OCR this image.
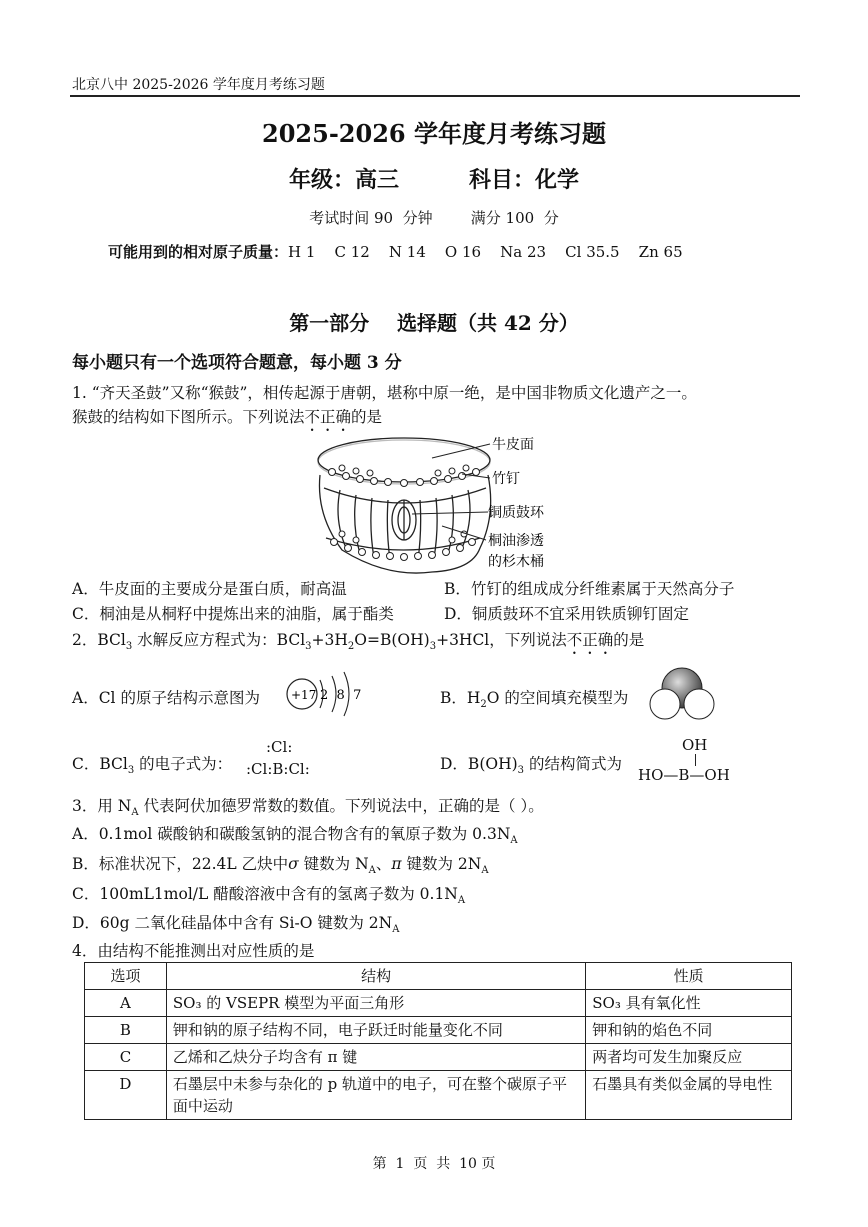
北京八中 2025-2026 学年度月考练习题
2025-2026 学年度月考练习题
年级：高三	科目：化学
考试时间 90  分钟        满分 100  分
可能用到的相对原子质量：H 1    C 12    N 14    O 16    Na 23    Cl 35.5    Zn 65
第一部分    选择题（共 42 分）
每小题只有一个选项符合题意，每小题 3 分
1. “齐天圣鼓”又称“猴鼓”，相传起源于唐朝，堪称中原一绝，是中国非物质文化遗产之一。
猴鼓的结构如下图所示。下列说法不正确的是
牛皮面
竹钉
铜质鼓环
桐油渗透
的杉木桶
A．牛皮面的主要成分是蛋白质，耐高温	B．竹钉的组成成分纤维素属于天然高分子
C．桐油是从桐籽中提炼出来的油脂，属于酯类	D．铜质鼓环不宜采用铁质铆钉固定
2．BCl$_3$ 水解反应方程式为：$BCl_3+3H_2O=B(OH)_3+3HCl$，下列说法不正确的是
A．Cl 的原子结构示意图为	+17 2  8  7	B．$H_2O$ 的空间填充模型为
C．BCl$_3$ 的电子式为：
:Cl:
:Cl:B:Cl:	D．$B(OH)_3$ 的结构简式为
OH
HO—B—OH
3．用 $N_A$ 代表阿伏加德罗常数的数值。下列说法中，正确的是（ ）。
A．0.1mol 碳酸钠和碳酸氢钠的混合物含有的氧原子数为 $0.3N_A$
B．标准状况下，22.4L 乙炔中σ 键数为 $N_A$、π 键数为 $2N_A$
C．100mL1mol/L 醋酸溶液中含有的氢离子数为 $0.1N_A$
D．60g 二氧化硅晶体中含有 Si-O 键数为 $2N_A$
4．由结构不能推测出对应性质的是
选项	结构	性质
A	SO₃ 的 VSEPR 模型为平面三角形	SO₃ 具有氧化性
B	钾和钠的原子结构不同，电子跃迁时能量变化不同	钾和钠的焰色不同
C	乙烯和乙炔分子均含有 π 键	两者均可发生加聚反应
D	石墨层中未参与杂化的 p 轨道中的电子，可在整个碳原子平面中运动	石墨具有类似金属的导电性
第  1  页  共  10 页
